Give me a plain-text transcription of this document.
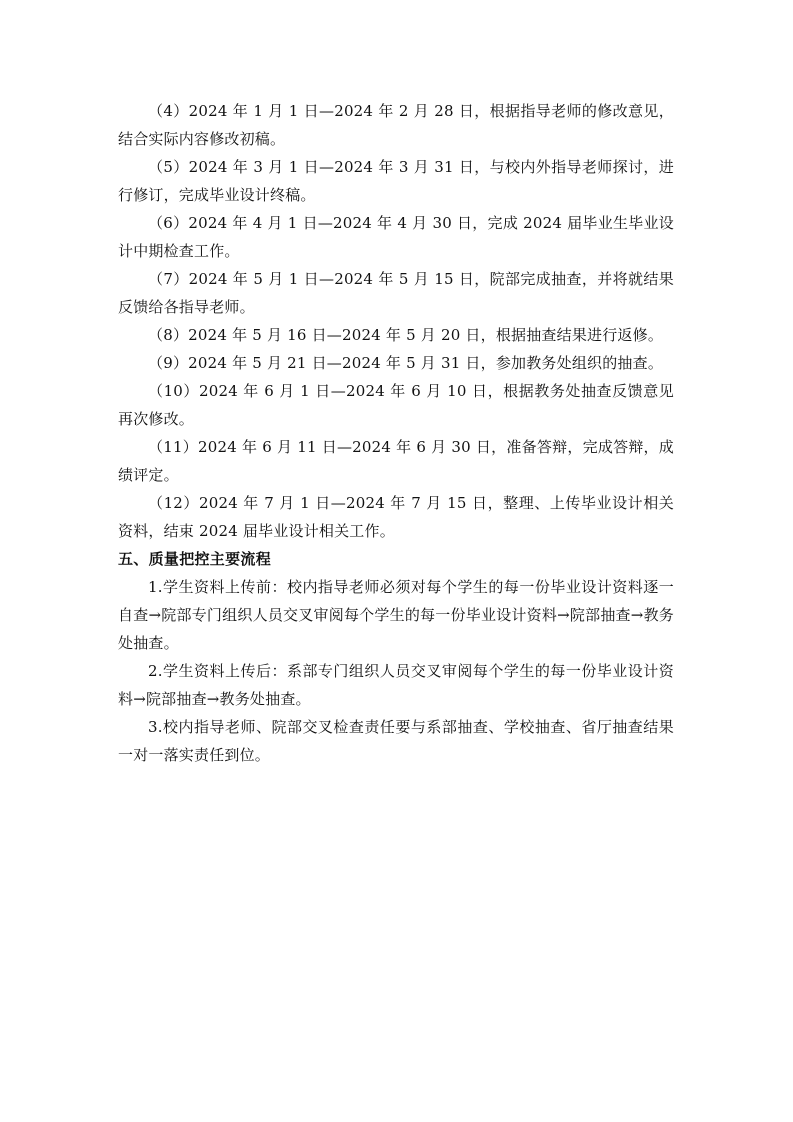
（4）2024 年 1 月 1 日—2024 年 2 月 28 日，根据指导老师的修改意见，结合实际内容修改初稿。

（5）2024 年 3 月 1 日—2024 年 3 月 31 日，与校内外指导老师探讨，进行修订，完成毕业设计终稿。

（6）2024 年 4 月 1 日—2024 年 4 月 30 日，完成 2024 届毕业生毕业设计中期检查工作。

（7）2024 年 5 月 1 日—2024 年 5 月 15 日，院部完成抽查，并将就结果反馈给各指导老师。

（8）2024 年 5 月 16 日—2024 年 5 月 20 日，根据抽查结果进行返修。

（9）2024 年 5 月 21 日—2024 年 5 月 31 日，参加教务处组织的抽查。

（10）2024 年 6 月 1 日—2024 年 6 月 10 日，根据教务处抽查反馈意见再次修改。

（11）2024 年 6 月 11 日—2024 年 6 月 30 日，准备答辩，完成答辩，成绩评定。

（12）2024 年 7 月 1 日—2024 年 7 月 15 日，整理、上传毕业设计相关资料，结束 2024 届毕业设计相关工作。

五、质量把控主要流程

1.学生资料上传前：校内指导老师必须对每个学生的每一份毕业设计资料逐一自查→院部专门组织人员交叉审阅每个学生的每一份毕业设计资料→院部抽查→教务处抽查。

2.学生资料上传后：系部专门组织人员交叉审阅每个学生的每一份毕业设计资料→院部抽查→教务处抽查。

3.校内指导老师、院部交叉检查责任要与系部抽查、学校抽查、省厅抽查结果一对一落实责任到位。
